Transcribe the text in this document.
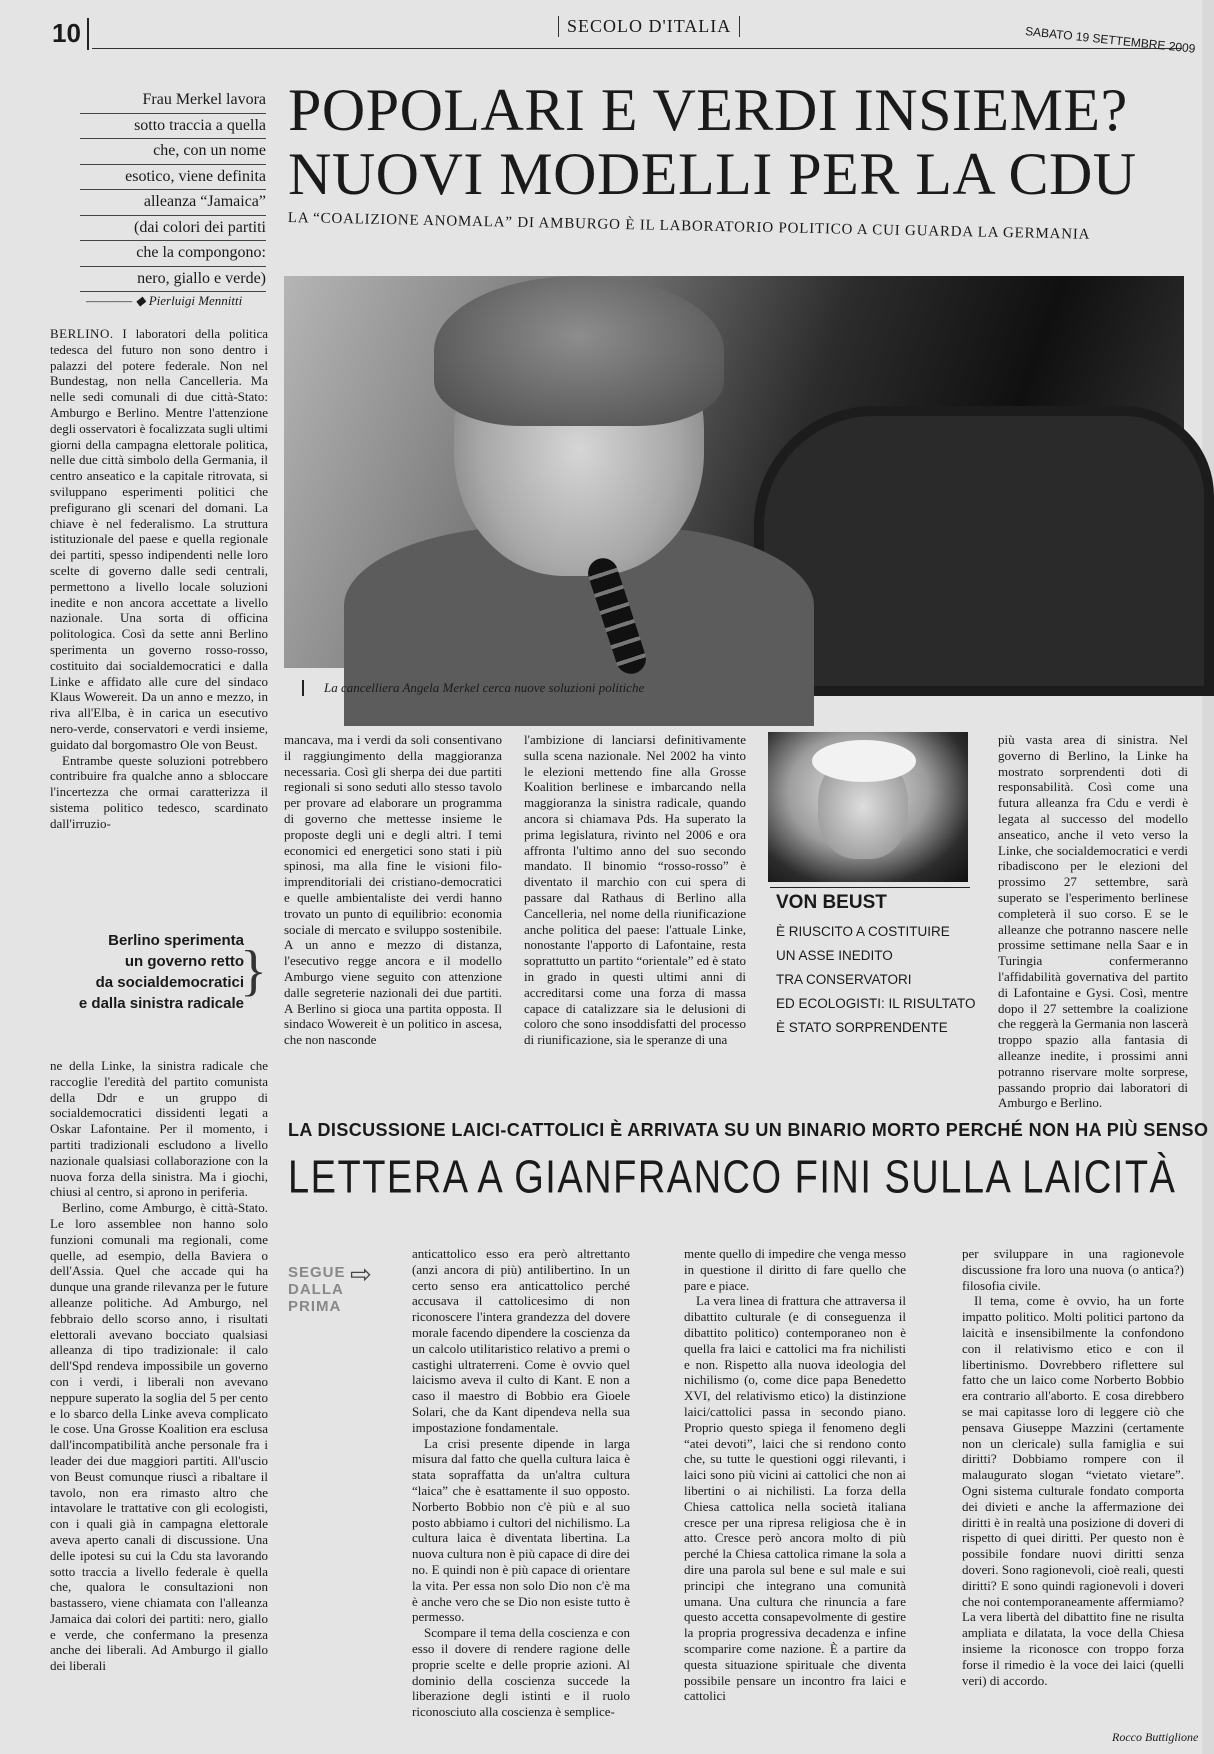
10	SECOLO D'ITALIA	SABATO 19 SETTEMBRE 2009
Frau Merkel lavora
sotto traccia a quella
che, con un nome
esotico, viene definita
alleanza “Jamaica”
(dai colori dei partiti
che la compongono:
nero, giallo e verde)
POPOLARI E VERDI INSIEME?
NUOVI MODELLI PER LA CDU
LA “COALIZIONE ANOMALA” DI AMBURGO È IL LABORATORIO POLITICO A CUI GUARDA LA GERMANIA
———— ◆ Pierluigi Mennitti
La cancelliera Angela Merkel cerca nuove soluzioni politiche

BERLINO. I laboratori della politica tedesca del futuro non sono dentro i palazzi del potere federale. Non nel Bundestag, non nella Cancelleria. Ma nelle sedi comunali di due città-Stato: Amburgo e Berlino. Mentre l'attenzione degli osservatori è focalizzata sugli ultimi giorni della campagna elettorale politica, nelle due città simbolo della Germania, il centro anseatico e la capitale ritrovata, si sviluppano esperimenti politici che prefigurano gli scenari del domani. La chiave è nel federalismo. La struttura istituzionale del paese e quella regionale dei partiti, spesso indipendenti nelle loro scelte di governo dalle sedi centrali, permettono a livello locale soluzioni inedite e non ancora accettate a livello nazionale. Una sorta di officina politologica. Così da sette anni Berlino sperimenta un governo rosso-rosso, costituito dai socialdemocratici e dalla Linke e affidato alle cure del sindaco Klaus Wowereit. Da un anno e mezzo, in riva all'Elba, è in carica un esecutivo nero-verde, conservatori e verdi insieme, guidato dal borgomastro Ole von Beust.

Entrambe queste soluzioni potrebbero contribuire fra qualche anno a sbloccare l'incertezza che ormai caratterizza il sistema politico tedesco, scardinato dall'irruzio-

Berlino sperimenta
un governo retto
da socialdemocratici
e dalla sinistra radicale
}

ne della Linke, la sinistra radicale che raccoglie l'eredità del partito comunista della Ddr e un gruppo di socialdemocratici dissidenti legati a Oskar Lafontaine. Per il momento, i partiti tradizionali escludono a livello nazionale qualsiasi collaborazione con la nuova forza della sinistra. Ma i giochi, chiusi al centro, si aprono in periferia.

Berlino, come Amburgo, è città-Stato. Le loro assemblee non hanno solo funzioni comunali ma regionali, come quelle, ad esempio, della Baviera o dell'Assia. Quel che accade qui ha dunque una grande rilevanza per le future alleanze politiche. Ad Amburgo, nel febbraio dello scorso anno, i risultati elettorali avevano bocciato qualsiasi alleanza di tipo tradizionale: il calo dell'Spd rendeva impossibile un governo con i verdi, i liberali non avevano neppure superato la soglia del 5 per cento e lo sbarco della Linke aveva complicato le cose. Una Grosse Koalition era esclusa dall'incompatibilità anche personale fra i leader dei due maggiori partiti. All'uscio von Beust comunque riuscì a ribaltare il tavolo, non era rimasto altro che intavolare le trattative con gli ecologisti, con i quali già in campagna elettorale aveva aperto canali di discussione. Una delle ipotesi su cui la Cdu sta lavorando sotto traccia a livello federale è quella che, qualora le consultazioni non bastassero, viene chiamata con l'alleanza Jamaica dai colori dei partiti: nero, giallo e verde, che confermano la presenza anche dei liberali. Ad Amburgo il giallo dei liberali

mancava, ma i verdi da soli consentivano il raggiungimento della maggioranza necessaria. Così gli sherpa dei due partiti regionali si sono seduti allo stesso tavolo per provare ad elaborare un programma di governo che mettesse insieme le proposte degli uni e degli altri. I temi economici ed energetici sono stati i più spinosi, ma alla fine le visioni filo-imprenditoriali dei cristiano-democratici e quelle ambientaliste dei verdi hanno trovato un punto di equilibrio: economia sociale di mercato e sviluppo sostenibile. A un anno e mezzo di distanza, l'esecutivo regge ancora e il modello Amburgo viene seguito con attenzione dalle segreterie nazionali dei due partiti. A Berlino si gioca una partita opposta. Il sindaco Wowereit è un politico in ascesa, che non nasconde

l'ambizione di lanciarsi definitivamente sulla scena nazionale. Nel 2002 ha vinto le elezioni mettendo fine alla Grosse Koalition berlinese e imbarcando nella maggioranza la sinistra radicale, quando ancora si chiamava Pds. Ha superato la prima legislatura, rivinto nel 2006 e ora affronta l'ultimo anno del suo secondo mandato. Il binomio “rosso-rosso” è diventato il marchio con cui spera di passare dal Rathaus di Berlino alla Cancelleria, nel nome della riunificazione anche politica del paese: l'attuale Linke, nonostante l'apporto di Lafontaine, resta soprattutto un partito “orientale” ed è stato in grado in questi ultimi anni di accreditarsi come una forza di massa capace di catalizzare sia le delusioni di coloro che sono insoddisfatti del processo di riunificazione, sia le speranze di una

VON BEUST
È RIUSCITO A COSTITUIRE
UN ASSE INEDITO
TRA CONSERVATORI
ED ECOLOGISTI: IL RISULTATO
È STATO SORPRENDENTE

più vasta area di sinistra. Nel governo di Berlino, la Linke ha mostrato sorprendenti doti di responsabilità. Così come una futura alleanza fra Cdu e verdi è legata al successo del modello anseatico, anche il veto verso la Linke, che socialdemocratici e verdi ribadiscono per le elezioni del prossimo 27 settembre, sarà superato se l'esperimento berlinese completerà il suo corso. E se le alleanze che potranno nascere nelle prossime settimane nella Saar e in Turingia confermeranno l'affidabilità governativa del partito di Lafontaine e Gysi. Così, mentre dopo il 27 settembre la coalizione che reggerà la Germania non lascerà troppo spazio alla fantasia di alleanze inedite, i prossimi anni potranno riservare molte sorprese, passando proprio dai laboratori di Amburgo e Berlino.

LA DISCUSSIONE LAICI-CATTOLICI È ARRIVATA SU UN BINARIO MORTO PERCHÉ NON HA PIÙ SENSO
LETTERA A GIANFRANCO FINI SULLA LAICITÀ
SEGUE
DALLA
PRIMA
⇨

anticattolico esso era però altrettanto (anzi ancora di più) antilibertino. In un certo senso era anticattolico perché accusava il cattolicesimo di non riconoscere l'intera grandezza del dovere morale facendo dipendere la coscienza da un calcolo utilitaristico relativo a premi o castighi ultraterreni. Come è ovvio quel laicismo aveva il culto di Kant. E non a caso il maestro di Bobbio era Gioele Solari, che da Kant dipendeva nella sua impostazione fondamentale.

La crisi presente dipende in larga misura dal fatto che quella cultura laica è stata sopraffatta da un'altra cultura “laica” che è esattamente il suo opposto. Norberto Bobbio non c'è più e al suo posto abbiamo i cultori del nichilismo. La cultura laica è diventata libertina. La nuova cultura non è più capace di dire dei no. E quindi non è più capace di orientare la vita. Per essa non solo Dio non c'è ma è anche vero che se Dio non esiste tutto è permesso.

Scompare il tema della coscienza e con esso il dovere di rendere ragione delle proprie scelte e delle proprie azioni. Al dominio della coscienza succede la liberazione degli istinti e il ruolo riconosciuto alla coscienza è semplice-

mente quello di impedire che venga messo in questione il diritto di fare quello che pare e piace.

La vera linea di frattura che attraversa il dibattito culturale (e di conseguenza il dibattito politico) contemporaneo non è quella fra laici e cattolici ma fra nichilisti e non. Rispetto alla nuova ideologia del nichilismo (o, come dice papa Benedetto XVI, del relativismo etico) la distinzione laici/cattolici passa in secondo piano. Proprio questo spiega il fenomeno degli “atei devoti”, laici che si rendono conto che, su tutte le questioni oggi rilevanti, i laici sono più vicini ai cattolici che non ai libertini o ai nichilisti. La forza della Chiesa cattolica nella società italiana cresce per una ripresa religiosa che è in atto. Cresce però ancora molto di più perché la Chiesa cattolica rimane la sola a dire una parola sul bene e sul male e sui principi che integrano una comunità umana. Una cultura che rinuncia a fare questo accetta consapevolmente di gestire la propria progressiva decadenza e infine scomparire come nazione. È a partire da questa situazione spirituale che diventa possibile pensare un incontro fra laici e cattolici

per sviluppare in una ragionevole discussione fra loro una nuova (o antica?) filosofia civile.

Il tema, come è ovvio, ha un forte impatto politico. Molti politici partono da laicità e insensibilmente la confondono con il relativismo etico e con il libertinismo. Dovrebbero riflettere sul fatto che un laico come Norberto Bobbio era contrario all'aborto. E cosa direbbero se mai capitasse loro di leggere ciò che pensava Giuseppe Mazzini (certamente non un clericale) sulla famiglia e sui diritti? Dobbiamo rompere con il malaugurato slogan “vietato vietare”. Ogni sistema culturale fondato comporta dei divieti e anche la affermazione dei diritti è in realtà una posizione di doveri di rispetto di quei diritti. Per questo non è possibile fondare nuovi diritti senza doveri. Sono ragionevoli, cioè reali, questi diritti? E sono quindi ragionevoli i doveri che noi contemporaneamente affermiamo? La vera libertà del dibattito fine ne risulta ampliata e dilatata, la voce della Chiesa insieme la riconosce con troppo forza forse il rimedio è la voce dei laici (quelli veri) di accordo.

Rocco Buttiglione
